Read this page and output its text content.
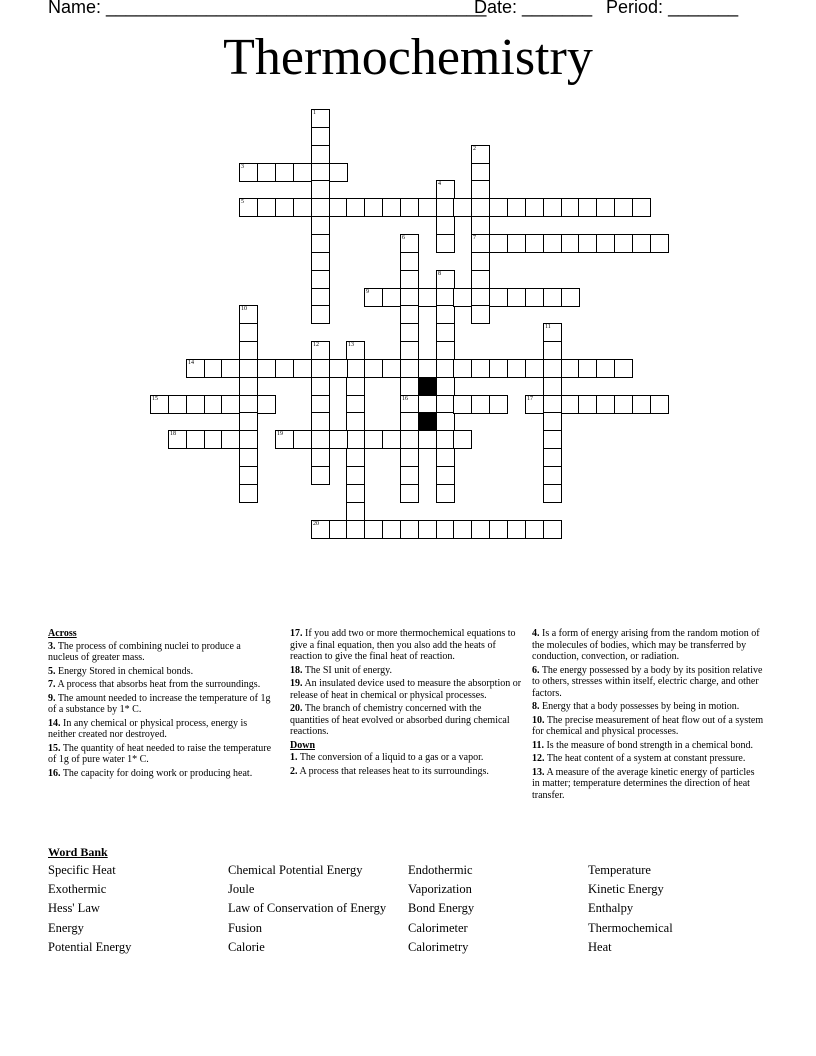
Name: ______________________________________
Date: _______ Period: _______
Thermochemistry
1
2
7
3
4
5
6
16
8
9
10
11
12	13
14
15	17
18	19
20
Across
3. The process of combining nuclei to produce a nucleus of greater mass.
5. Energy Stored in chemical bonds.
7. A process that absorbs heat from the surroundings.
9. The amount needed to increase the temperature of 1g of a substance by 1* C.
14. In any chemical or physical process, energy is neither created nor destroyed.
15. The quantity of heat needed to raise the temperature of 1g of pure water 1* C.
16. The capacity for doing work or producing heat.
17. If you add two or more thermochemical equations to give a final equation, then you also add the heats of reaction to give the final heat of reaction.
18. The SI unit of energy.
19. An insulated device used to measure the absorption or release of heat in chemical or physical processes.
20. The branch of chemistry concerned with the quantities of heat evolved or absorbed during chemical reactions.
Down
1. The conversion of a liquid to a gas or a vapor.
2. A process that releases heat to its surroundings.
4. Is a form of energy arising from the random motion of the molecules of bodies, which may be transferred by conduction, convection, or radiation.
6. The energy possessed by a body by its position relative to others, stresses within itself, electric charge, and other factors.
8. Energy that a body possesses by being in motion.
10. The precise measurement of heat flow out of a system for chemical and physical processes.
11. Is the measure of bond strength in a chemical bond.
12. The heat content of a system at constant pressure.
13. A measure of the average kinetic energy of particles in matter; temperature determines the direction of heat transfer.
Word Bank
Specific Heat
Exothermic
Hess' Law
Energy
Potential Energy
Chemical Potential Energy
Joule
Law of Conservation of Energy
Fusion
Calorie
Endothermic
Vaporization
Bond Energy
Calorimeter
Calorimetry
Temperature
Kinetic Energy
Enthalpy
Thermochemical
Heat
